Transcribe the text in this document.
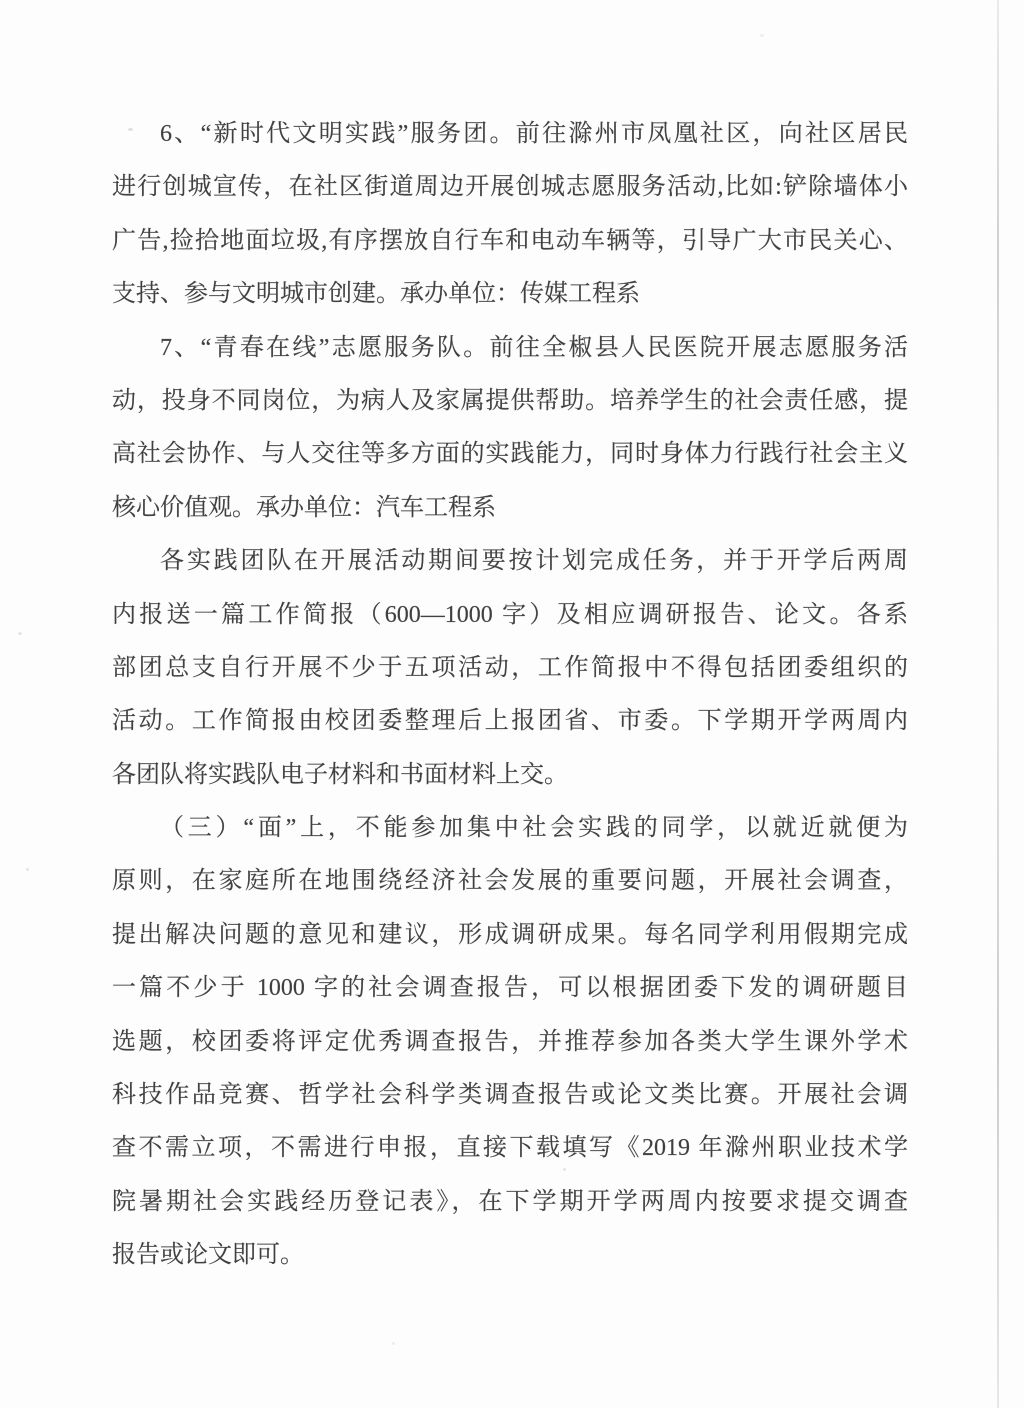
6、“新时代文明实践”服务团。前往滁州市凤凰社区，向社区居民

进行创城宣传，在社区街道周边开展创城志愿服务活动,比如:铲除墙体小

广告,捡拾地面垃圾,有序摆放自行车和电动车辆等，引导广大市民关心、

支持、参与文明城市创建。承办单位：传媒工程系

7、“青春在线”志愿服务队。前往全椒县人民医院开展志愿服务活

动，投身不同岗位，为病人及家属提供帮助。培养学生的社会责任感，提

高社会协作、与人交往等多方面的实践能力，同时身体力行践行社会主义

核心价值观。承办单位：汽车工程系

各实践团队在开展活动期间要按计划完成任务，并于开学后两周

内报送一篇工作简报（600—1000 字）及相应调研报告、论文。各系

部团总支自行开展不少于五项活动，工作简报中不得包括团委组织的

活动。工作简报由校团委整理后上报团省、市委。下学期开学两周内

各团队将实践队电子材料和书面材料上交。

（三）“面”上，不能参加集中社会实践的同学，以就近就便为

原则，在家庭所在地围绕经济社会发展的重要问题，开展社会调查，

提出解决问题的意见和建议，形成调研成果。每名同学利用假期完成

一篇不少于 1000 字的社会调查报告，可以根据团委下发的调研题目

选题，校团委将评定优秀调查报告，并推荐参加各类大学生课外学术

科技作品竞赛、哲学社会科学类调查报告或论文类比赛。开展社会调

查不需立项，不需进行申报，直接下载填写《2019 年滁州职业技术学

院暑期社会实践经历登记表》，在下学期开学两周内按要求提交调查

报告或论文即可。
